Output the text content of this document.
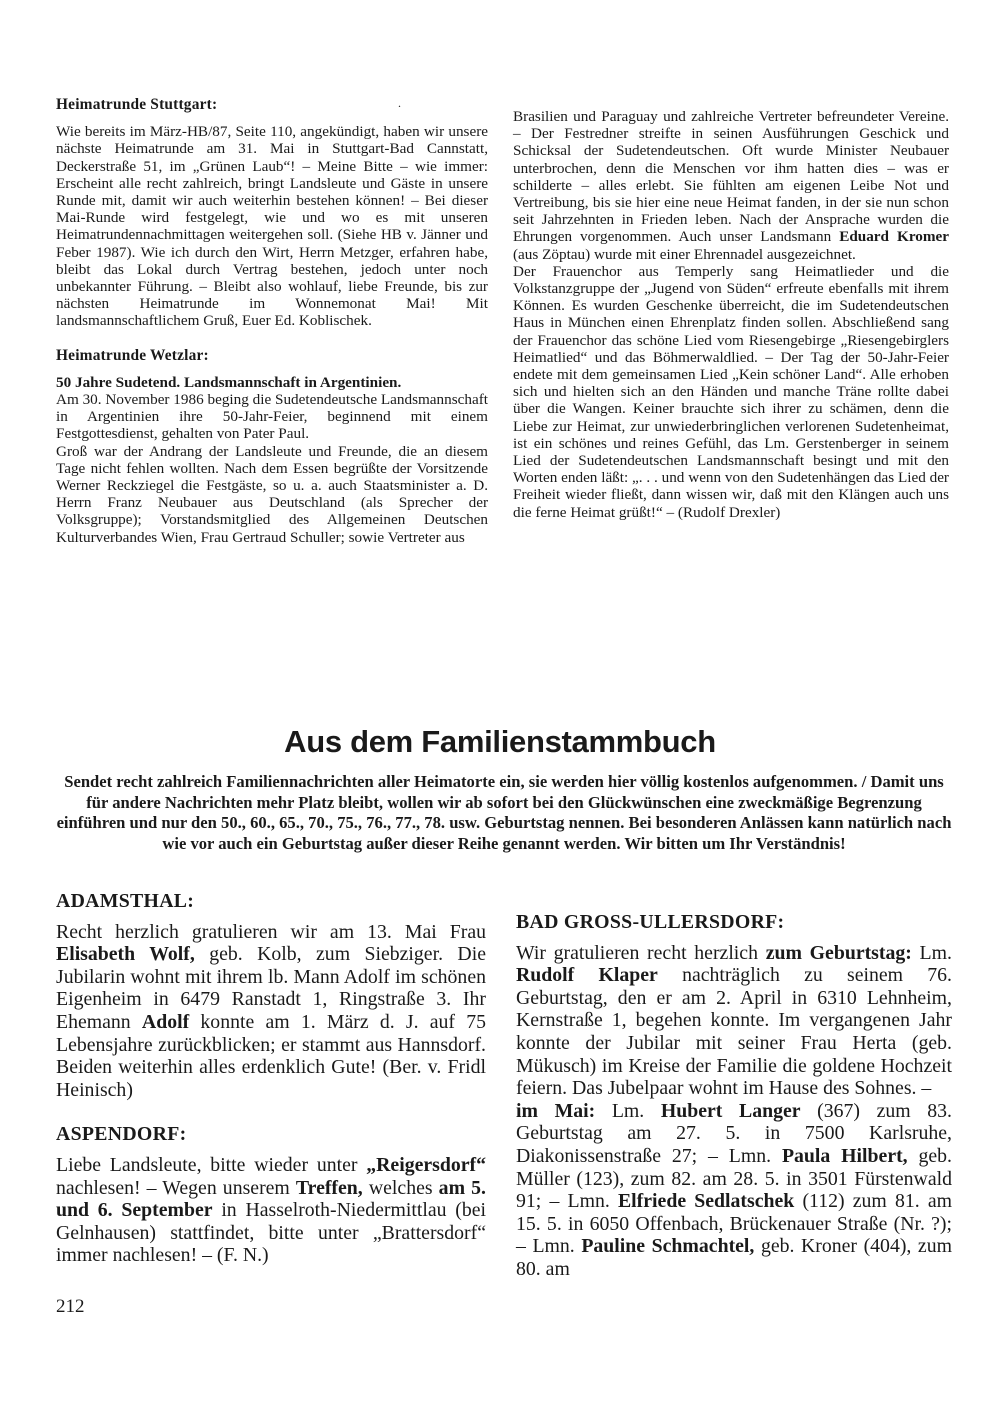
.
Heimatrunde Stuttgart:

Wie bereits im März-HB/87, Seite 110, angekündigt, haben wir unsere nächste Heimatrunde am 31. Mai in Stuttgart-Bad Cannstatt, Deckerstraße 51, im „Grünen Laub“! – Meine Bitte – wie immer: Erscheint alle recht zahlreich, bringt Landsleute und Gäste in unsere Runde mit, damit wir auch weiterhin bestehen können! – Bei dieser Mai-Runde wird festgelegt, wie und wo es mit unseren Heimatrundennachmittagen weitergehen soll. (Siehe HB v. Jänner und Feber 1987). Wie ich durch den Wirt, Herrn Metzger, erfahren habe, bleibt das Lokal durch Vertrag bestehen, jedoch unter noch unbekannter Führung. – Bleibt also wohlauf, liebe Freunde, bis zur nächsten Heimatrunde im Wonnemonat Mai! Mit landsmannschaftlichem Gruß, Euer Ed. Koblischek.

Heimatrunde Wetzlar:

50 Jahre Sudetend. Landsmannschaft in Argentinien.

Am 30. November 1986 beging die Sudetendeutsche Landsmannschaft in Argentinien ihre 50-Jahr-Feier, beginnend mit einem Festgottesdienst, gehalten von Pater Paul.

Groß war der Andrang der Landsleute und Freunde, die an diesem Tage nicht fehlen wollten. Nach dem Essen begrüßte der Vorsitzende Werner Reckziegel die Festgäste, so u. a. auch Staatsminister a. D. Herrn Franz Neubauer aus Deutschland (als Sprecher der Volksgruppe); Vorstandsmitglied des Allgemeinen Deutschen Kulturverbandes Wien, Frau Gertraud Schuller; sowie Vertreter aus

Brasilien und Paraguay und zahlreiche Vertreter befreundeter Vereine. – Der Festredner streifte in seinen Ausführungen Geschick und Schicksal der Sudetendeutschen. Oft wurde Minister Neubauer unterbrochen, denn die Menschen vor ihm hatten dies – was er schilderte – alles erlebt. Sie fühlten am eigenen Leibe Not und Vertreibung, bis sie hier eine neue Heimat fanden, in der sie nun schon seit Jahrzehnten in Frieden leben. Nach der Ansprache wurden die Ehrungen vorgenommen. Auch unser Landsmann Eduard Kromer (aus Zöptau) wurde mit einer Ehrennadel ausgezeichnet.

Der Frauenchor aus Temperly sang Heimatlieder und die Volkstanzgruppe der „Jugend von Süden“ erfreute ebenfalls mit ihrem Können. Es wurden Geschenke überreicht, die im Sudetendeutschen Haus in München einen Ehrenplatz finden sollen. Abschließend sang der Frauenchor das schöne Lied vom Riesengebirge „Riesengebirglers Heimatlied“ und das Böhmerwaldlied. – Der Tag der 50-Jahr-Feier endete mit dem gemeinsamen Lied „Kein schöner Land“. Alle erhoben sich und hielten sich an den Händen und manche Träne rollte dabei über die Wangen. Keiner brauchte sich ihrer zu schämen, denn die Liebe zur Heimat, zur unwiederbringlichen verlorenen Sudetenheimat, ist ein schönes und reines Gefühl, das Lm. Gerstenberger in seinem Lied der Sudetendeutschen Landsmannschaft besingt und mit den Worten enden läßt: „. . . und wenn von den Sudetenhängen das Lied der Freiheit wieder fließt, dann wissen wir, daß mit den Klängen auch uns die ferne Heimat grüßt!“ – (Rudolf Drexler)

Aus dem Familienstammbuch
Sendet recht zahlreich Familiennachrichten aller Heimatorte ein, sie werden hier völlig kostenlos aufgenommen. / Damit uns für andere Nachrichten mehr Platz bleibt, wollen wir ab sofort bei den Glückwünschen eine zweckmäßige Begrenzung einführen und nur den 50., 60., 65., 70., 75., 76., 77., 78. usw. Geburtstag nennen. Bei besonderen Anlässen kann natürlich nach wie vor auch ein Geburtstag außer dieser Reihe genannt werden. Wir bitten um Ihr Verständnis!
ADAMSTHAL:

Recht herzlich gratulieren wir am 13. Mai Frau Elisabeth Wolf, geb. Kolb, zum Siebziger. Die Jubilarin wohnt mit ihrem lb. Mann Adolf im schönen Eigenheim in 6479 Ranstadt 1, Ringstraße 3. Ihr Ehemann Adolf konnte am 1. März d. J. auf 75 Lebensjahre zurückblicken; er stammt aus Hannsdorf. Beiden weiterhin alles erdenklich Gute! (Ber. v. Fridl Heinisch)

ASPENDORF:

Liebe Landsleute, bitte wieder unter „Reigersdorf“ nachlesen! – Wegen unserem Treffen, welches am 5. und 6. September in Hasselroth-Niedermittlau (bei Gelnhausen) stattfindet, bitte unter „Brattersdorf“ immer nachlesen! – (F. N.)

BAD GROSS-ULLERSDORF:

Wir gratulieren recht herzlich zum Geburtstag: Lm. Rudolf Klaper nachträglich zu seinem 76. Geburtstag, den er am 2. April in 6310 Lehnheim, Kernstraße 1, begehen konnte. Im vergangenen Jahr konnte der Jubilar mit seiner Frau Herta (geb. Mükusch) im Kreise der Familie die goldene Hochzeit feiern. Das Jubelpaar wohnt im Hause des Sohnes. –

im Mai: Lm. Hubert Langer (367) zum 83. Geburtstag am 27. 5. in 7500 Karlsruhe, Diakonissenstraße 27; – Lmn. Paula Hilbert, geb. Müller (123), zum 82. am 28. 5. in 3501 Fürstenwald 91; – Lmn. Elfriede Sedlatschek (112) zum 81. am 15. 5. in 6050 Offenbach, Brückenauer Straße (Nr. ?); – Lmn. Pauline Schmachtel, geb. Kroner (404), zum 80. am

212
